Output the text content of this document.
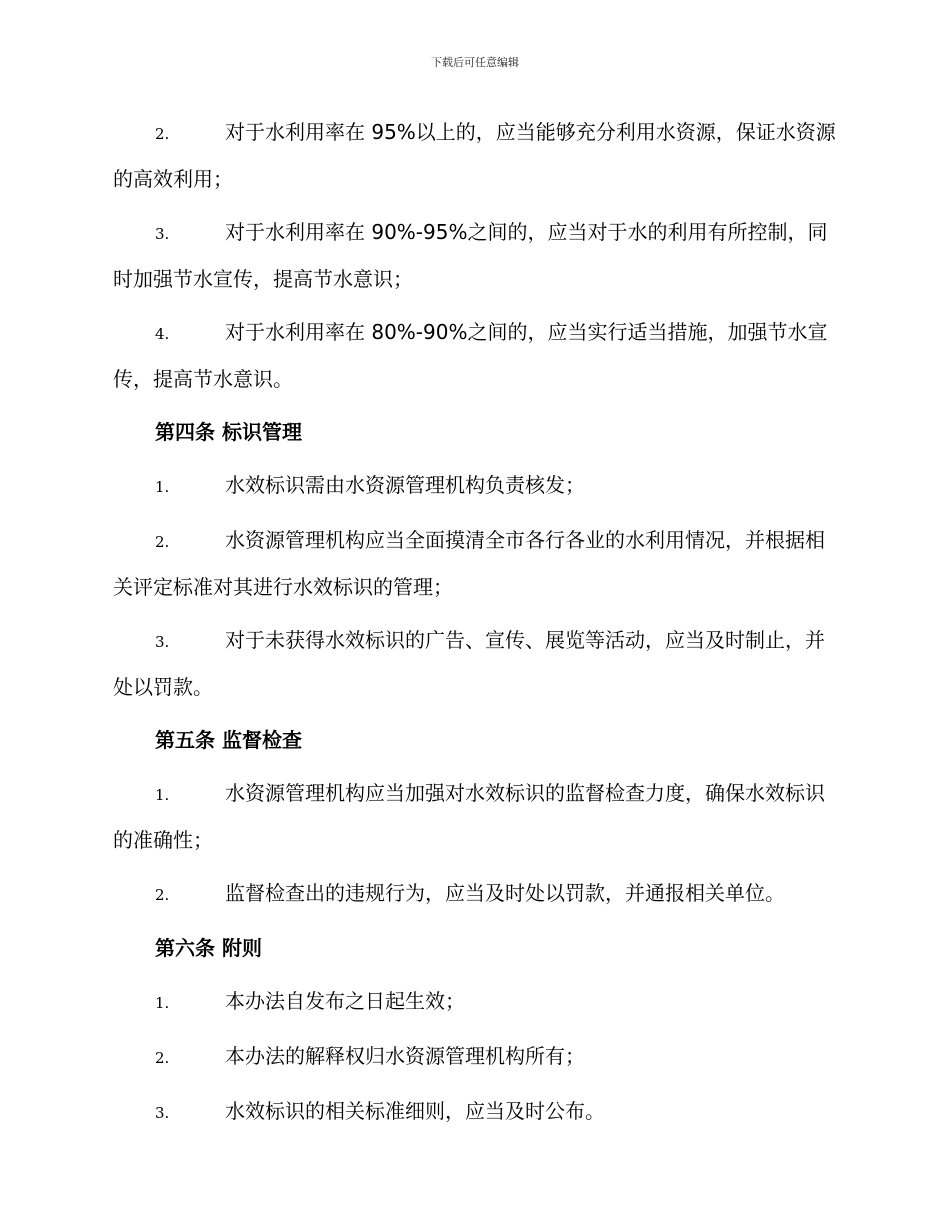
下载后可任意编辑

2.	对于水利用率在 95%以上的，应当能够充分利用水资源，保证水资源的高效利用；

3.	对于水利用率在 90%-95%之间的，应当对于水的利用有所控制，同时加强节水宣传，提高节水意识；

4.	对于水利用率在 80%-90%之间的，应当实行适当措施，加强节水宣传，提高节水意识。

第四条 标识管理

1.	水效标识需由水资源管理机构负责核发；

2.	水资源管理机构应当全面摸清全市各行各业的水利用情况，并根据相关评定标准对其进行水效标识的管理；

3.	对于未获得水效标识的广告、宣传、展览等活动，应当及时制止，并处以罚款。

第五条 监督检查

1.	水资源管理机构应当加强对水效标识的监督检查力度，确保水效标识的准确性；

2.	监督检查出的违规行为，应当及时处以罚款，并通报相关单位。

第六条 附则

1.	本办法自发布之日起生效；

2.	本办法的解释权归水资源管理机构所有；

3.	水效标识的相关标准细则，应当及时公布。
